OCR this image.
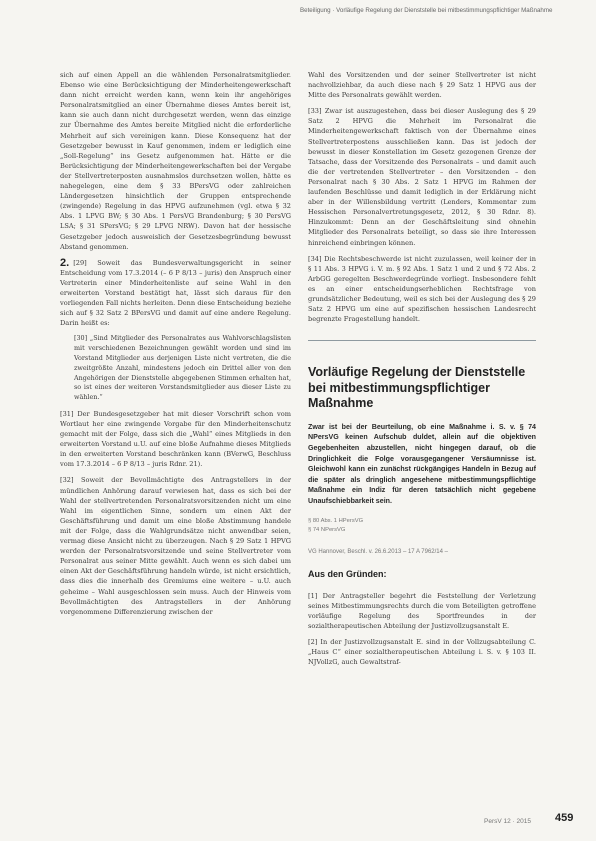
Beteiligung · Vorläufige Regelung der Dienststelle bei mitbestimmungspflichtiger Maßnahme

sich auf einen Appell an die wählenden Personalratsmitglieder. Ebenso wie eine Berücksichtigung der Minderheitengewerkschaft dann nicht erreicht werden kann, wenn kein ihr angehöriges Personalratsmitglied an einer Übernahme dieses Amtes bereit ist, kann sie auch dann nicht durchgesetzt werden, wenn das einzige zur Übernahme des Amtes bereite Mitglied nicht die erforderliche Mehrheit auf sich vereinigen kann. Diese Konsequenz hat der Gesetzgeber bewusst in Kauf genommen, indem er lediglich eine „Soll-Regelung“ ins Gesetz aufgenommen hat. Hätte er die Berücksichtigung der Minderheitengewerkschaften bei der Vergabe der Stellvertreterposten ausnahmslos durchsetzen wollen, hätte es nahegelegen, eine dem § 33 BPersVG oder zahlreichen Ländergesetzen hinsichtlich der Gruppen entsprechende (zwingende) Regelung in das HPVG aufzunehmen (vgl. etwa § 32 Abs. 1 LPVG BW; § 30 Abs. 1 PersVG Brandenburg; § 30 PersVG LSA; § 31 SPersVG; § 29 LPVG NRW). Davon hat der hessische Gesetzgeber jedoch ausweislich der Gesetzesbegründung bewusst Abstand genommen.

2. [29] Soweit das Bundesverwaltungsgericht in seiner Entscheidung vom 17.3.2014 (– 6 P 8/13 – juris) den Anspruch einer Vertreterin einer Minderheitenliste auf seine Wahl in den erweiterten Vorstand bestätigt hat, lässt sich daraus für den vorliegenden Fall nichts herleiten. Denn diese Entscheidung beziehe sich auf § 32 Satz 2 BPersVG und damit auf eine andere Regelung. Darin heißt es:

[30] „Sind Mitglieder des Personalrates aus Wahlvorschlagslisten mit verschiedenen Bezeichnungen gewählt worden und sind im Vorstand Mitglieder aus derjenigen Liste nicht vertreten, die die zweitgrößte Anzahl, mindestens jedoch ein Drittel aller von den Angehörigen der Dienststelle abgegebenen Stimmen erhalten hat, so ist eines der weiteren Vorstandsmitglieder aus dieser Liste zu wählen.“

[31] Der Bundesgesetzgeber hat mit dieser Vorschrift schon vom Wortlaut her eine zwingende Vorgabe für den Minderheitenschutz gemacht mit der Folge, dass sich die „Wahl“ eines Mitglieds in den erweiterten Vorstand u.U. auf eine bloße Aufnahme dieses Mitglieds in den erweiterten Vorstand beschränken kann (BVerwG, Beschluss vom 17.3.2014 – 6 P 8/13 – juris Rdnr. 21).

[32] Soweit der Bevollmächtigte des Antragstellers in der mündlichen Anhörung darauf verwiesen hat, dass es sich bei der Wahl der stellvertretenden Personalratsvorsitzenden nicht um eine Wahl im eigentlichen Sinne, sondern um einen Akt der Geschäftsführung und damit um eine bloße Abstimmung handele mit der Folge, dass die Wahlgrundsätze nicht anwendbar seien, vermag diese Ansicht nicht zu überzeugen. Nach § 29 Satz 1 HPVG werden der Personalratsvorsitzende und seine Stellvertreter vom Personalrat aus seiner Mitte gewählt. Auch wenn es sich dabei um einen Akt der Geschäftsführung handeln würde, ist nicht ersichtlich, dass dies die innerhalb des Gremiums eine weitere – u.U. auch geheime – Wahl ausgeschlossen sein muss. Auch der Hinweis vom Bevollmächtigten des Antragstellers in der Anhörung vorgenommene Differenzierung zwischen der

Wahl des Vorsitzenden und der seiner Stellvertreter ist nicht nachvollziehbar, da auch diese nach § 29 Satz 1 HPVG aus der Mitte des Personalrats gewählt werden.

[33] Zwar ist auszugestehen, dass bei dieser Auslegung des § 29 Satz 2 HPVG die Mehrheit im Personalrat die Minderheitengewerkschaft faktisch von der Übernahme eines Stellvertreterpostens ausschließen kann. Das ist jedoch der bewusst in dieser Konstellation im Gesetz gezogenen Grenze der Tatsache, dass der Vorsitzende des Personalrats – und damit auch die der vertretenden Stellvertreter – den Vorsitzenden – den Personalrat nach § 30 Abs. 2 Satz 1 HPVG im Rahmen der laufenden Beschlüsse und damit lediglich in der Erklärung nicht aber in der Willensbildung vertritt (Lenders, Kommentar zum Hessischen Personalvertretungsgesetz, 2012, § 30 Rdnr. 8). Hinzukommt: Denn an der Geschäftsleitung sind ohnehin Mitglieder des Personalrats beteiligt, so dass sie ihre Interessen hinreichend einbringen können.

[34] Die Rechtsbeschwerde ist nicht zuzulassen, weil keiner der in § 11 Abs. 3 HPVG i. V. m. § 92 Abs. 1 Satz 1 und 2 und § 72 Abs. 2 ArbGG geregelten Beschwerdegründe vorliegt. Insbesondere fehlt es an einer entscheidungserheblichen Rechtsfrage von grundsätzlicher Bedeutung, weil es sich bei der Auslegung des § 29 Satz 2 HPVG um eine auf spezifischen hessischen Landesrecht begrenzte Fragestellung handelt.

Vorläufige Regelung der Dienststelle bei mitbestimmungspflichtiger Maßnahme

Zwar ist bei der Beurteilung, ob eine Maßnahme i. S. v. § 74 NPersVG keinen Aufschub duldet, allein auf die objektiven Gegebenheiten abzustellen, nicht hingegen darauf, ob die Dringlichkeit die Folge vorausgegangener Versäumnisse ist. Gleichwohl kann ein zunächst rückgängiges Handeln in Bezug auf die später als dringlich angesehene mitbestimmungspflichtige Maßnahme ein Indiz für deren tatsächlich nicht gegebene Unaufschiebbarkeit sein.

§ 80 Abs. 1 HPersVG

§ 74 NPersVG

VG Hannover, Beschl. v. 26.6.2013 – 17 A 7962/14 –

Aus den Gründen:

[1] Der Antragsteller begehrt die Feststellung der Verletzung seines Mitbestimmungsrechts durch die vom Beteiligten getroffene vorläufige Regelung des Sportfreundes in der sozialtherapeutischen Abteilung der Justizvollzugsanstalt E.

[2] In der Justizvollzugsanstalt E. sind in der Vollzugsabteilung C. „Haus C“ einer sozialtherapeutischen Abteilung i. S. v. § 103 II. NJVollzG, auch Gewaltstraf-

PersV 12 · 2015 459
